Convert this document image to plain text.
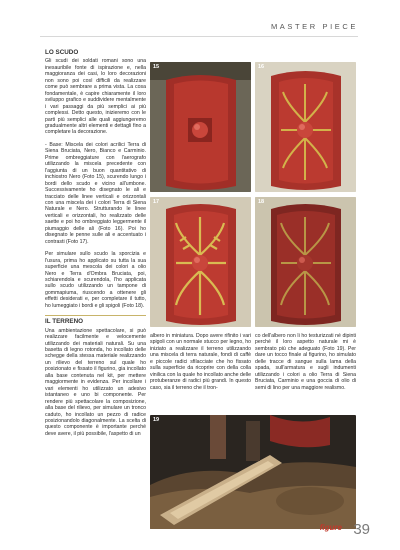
MASTER PIECE
LO SCUDO

Gli scudi dei soldati romani sono una inesauribile fonte di ispirazione e, nella maggioranza dei casi, lo loro decorazioni non sono poi così difficili da realizzare come può sembrare a prima vista. La cosa fondamentale, è capire chiaramente il loro sviluppo grafico e suddividere mentalmente i vari passaggi da più semplici ai più complessi. Detto questo, inizieremo con le parti più semplici alle quali aggiungeremo gradualmente altri elementi e dettagli fino a completare la decorazione.

- Base: Miscela dei colori acrilici Terra di Siena Bruciata, Nero, Bianco e Carminio. Prime ombreggiature con l'aerografo utilizzando la miscela precedente con l'aggiunta di un buon quantitativo di inchiostro Nero (Foto 15), scurendo lungo i bordi dello scudo e vicino all'umbone. Successivamente ho disegnato le ali e tracciato delle linee verticali e orizzontali con una miscela dei i colori Terra di Siena Naturale e Nero. Strutturando le linee verticali e orizzontali, ho realizzato delle saette e poi ho ombreggiato leggermente il piumaggio delle ali (Foto 16). Poi ho disegnato le penne sulle ali e accentuato i contrasti (Foto 17).

Per simulare sullo scudo la sporcizia e l'usura, prima ho applicato su tutta la sua superficie una mescola dei colori a olio Nero e Terra d'Ombra Bruciata, poi, schiarendola e scurendola, l'ho applicata sullo scudo utilizzando un tampone di gommapiuma, riuscendo a ottenere gli effetti desiderati e, per completare il tutto, ho lumeggiato i bordi e gli spigoli (Foto 18).

IL TERRENO

Una ambientazione spettacolare, si può realizzare facilmente e velocemente utilizzando dei materiali naturali. Su una basetta di legno rotonda, ho incollato delle schegge della stessa materiale realizzando un rilievo del terreno sul quale ho posizionato e fissato il figurino, gia incollato alla base contenuta nel kit, per mettere maggiormente in evidenza. Per incollare i vari elementi ho utilizzato un adesivo istantaneo e uno bi componente. Per rendere più spettacolare la composizione, alla base del rilievo, per simulare un tronco caduto, ho incollato un pezzo di radice posizionandolo diagonalmente. La scelta di questo componente è importante perché deve avere, il più possibile, l'aspetto di un

15	16
17	18

albero in miniatura. Dopo avere rifinito i vari spigoli con un normale stucco per legno, ho iniziato a realizzare il terreno utilizzando una miscela di terra naturale, fondi di caffè e piccole radici sfilacciate che ho fissato sulla superficie da ricoprire con della colla vinilica con la quale ho incollato anche delle protuberanze di radici più grandi. In questo caso, sia il terreno che il tron-

co dell'albero non li ho testurizzati né dipinti perché il loro aspetto naturale mi è sembrato più che adeguato (Foto 19). Per dare un tocco finale al figurino, ho simulato delle tracce di sangue sulla lama della spada, sull'armatura e sugli indumenti utilizzando i colori a olio Terra di Siena Bruciata, Carminio e una goccia di olio di semi di lino per una maggiore realismo.

19
figure 39
